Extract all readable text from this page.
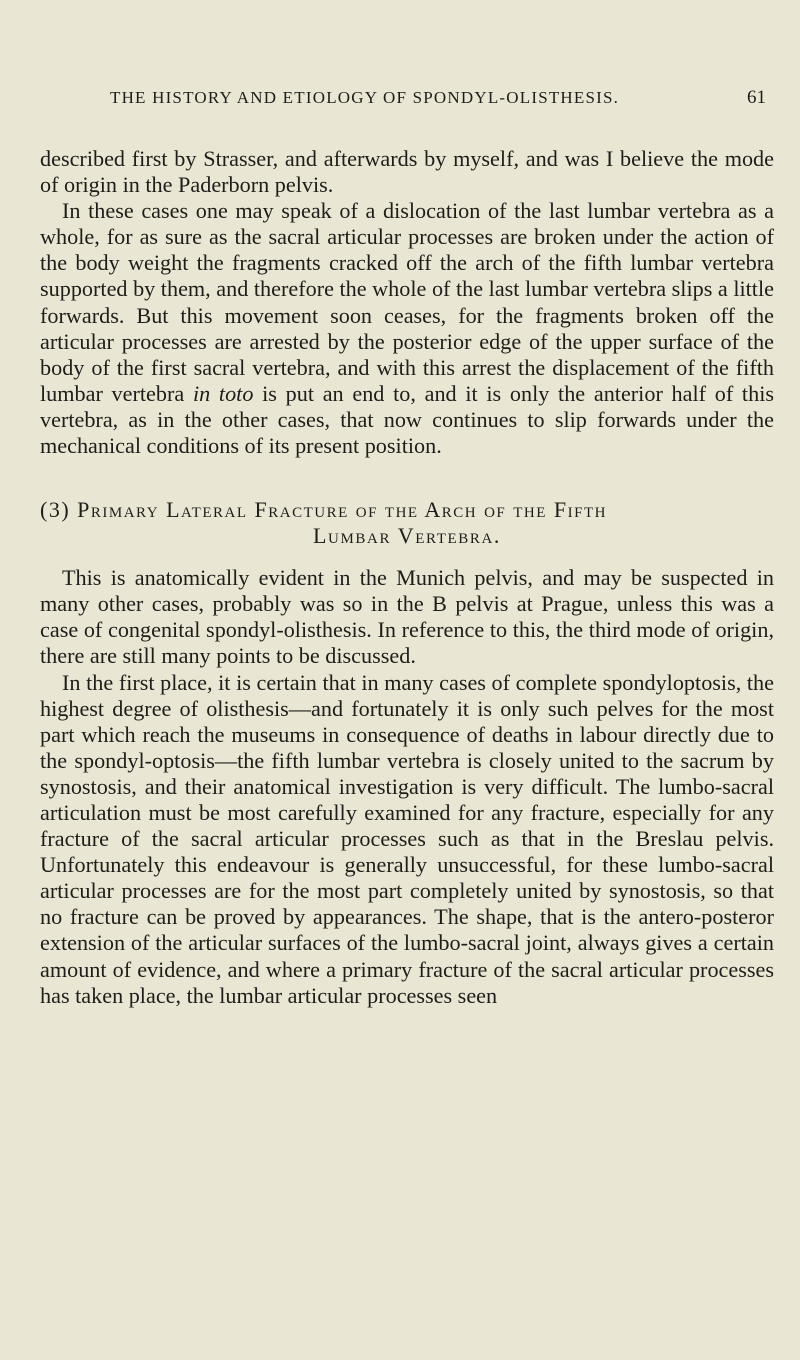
THE HISTORY AND ETIOLOGY OF SPONDYL-OLISTHESIS.	61

described first by Strasser, and afterwards by myself, and was I believe the mode of origin in the Paderborn pelvis.

In these cases one may speak of a dislocation of the last lumbar vertebra as a whole, for as sure as the sacral articular processes are broken under the action of the body weight the fragments cracked off the arch of the fifth lumbar vertebra supported by them, and therefore the whole of the last lumbar vertebra slips a little forwards. But this movement soon ceases, for the fragments broken off the articular processes are arrested by the posterior edge of the upper surface of the body of the first sacral vertebra, and with this arrest the displacement of the fifth lumbar vertebra in toto is put an end to, and it is only the anterior half of this vertebra, as in the other cases, that now continues to slip forwards under the mechanical conditions of its present position.

(3) Primary Lateral Fracture of the Arch of the Fifth
Lumbar Vertebra.

This is anatomically evident in the Munich pelvis, and may be suspected in many other cases, probably was so in the B pelvis at Prague, unless this was a case of congenital spondyl-olisthesis. In reference to this, the third mode of origin, there are still many points to be discussed.

In the first place, it is certain that in many cases of complete spondyloptosis, the highest degree of olisthesis—and fortunately it is only such pelves for the most part which reach the museums in consequence of deaths in labour directly due to the spondyl-optosis—the fifth lumbar vertebra is closely united to the sacrum by synostosis, and their anatomical investigation is very difficult. The lumbo-sacral articulation must be most carefully examined for any fracture, especially for any fracture of the sacral articular processes such as that in the Breslau pelvis. Unfortunately this endeavour is generally unsuccessful, for these lumbo-sacral articular processes are for the most part completely united by synostosis, so that no fracture can be proved by appearances. The shape, that is the antero-posteror extension of the articular surfaces of the lumbo-sacral joint, always gives a certain amount of evidence, and where a primary fracture of the sacral articular processes has taken place, the lumbar articular processes seen
